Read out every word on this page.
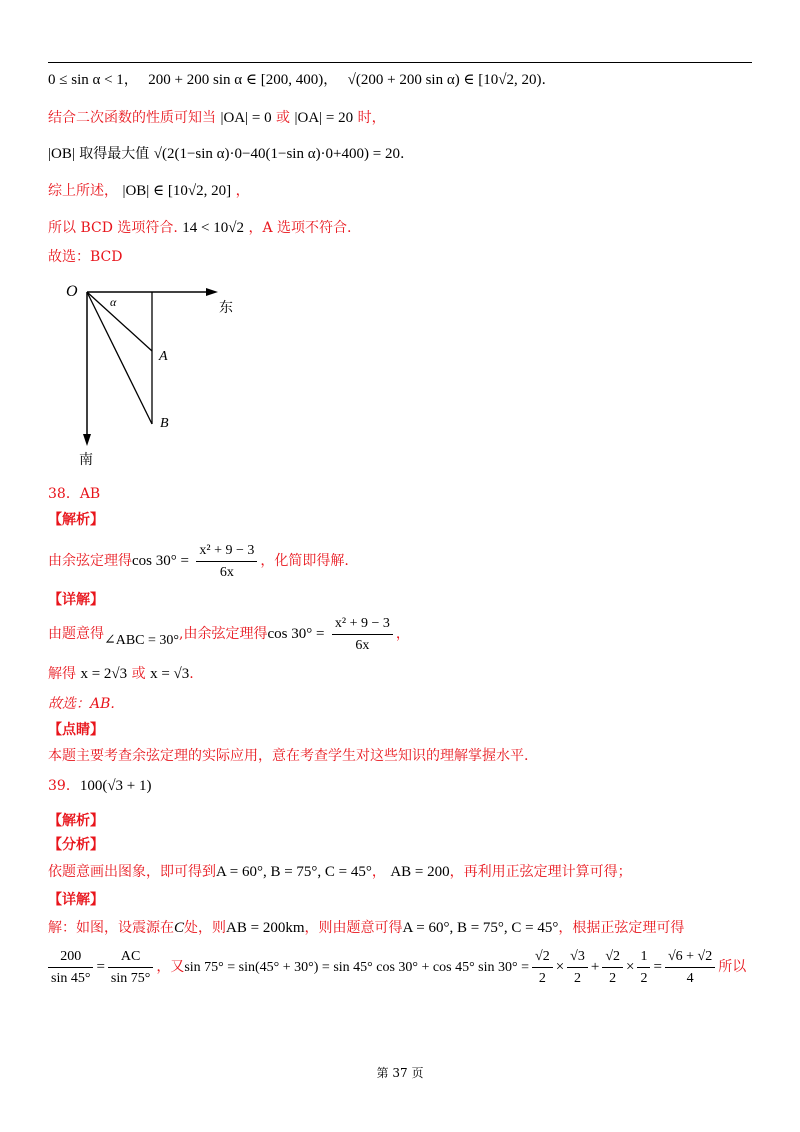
0 ≤ sin α < 1， 200 + 200 sin α ∈ [200, 400)， √(200 + 200 sin α) ∈ [10√2, 20).
结合二次函数的性质可知当 |OA| = 0 或 |OA| = 20 时，
|OB| 取得最大值 √(2(1−sin α)·0−40(1−sin α)·0+400) = 20.
综上所述， |OB| ∈ [10√2, 20] ，
所以 BCD 选项符合. 14 < 10√2 ，A 选项不符合.
故选：BCD
O
α	东
南
A
B
38．AB
【解析】
由余弦定理得$\cos 30^\circ = \frac{\text{x² + 9 − 3}}{6x}$ ，化简即得解.
【详解】
由题意得∠ABC = 30°,由余弦定理得$\cos 30^\circ = \frac{\text{x² + 9 − 3}}{6x}$ ，
解得 x = 2√3 或 x = √3.
故选：AB.
【点睛】
本题主要考查余弦定理的实际应用，意在考查学生对这些知识的理解掌握水平.
39．100(√3 + 1)
【解析】
【分析】
依题意画出图象，即可得到A = 60°, B = 75°, C = 45°， AB = 200，再利用正弦定理计算可得；
【详解】
解：如图，设震源在C处，则AB = 200km，则由题意可得A = 60°, B = 75°, C = 45°，根据正弦定理可得
$\frac{200}{\sin 45^\circ} = \frac{AC}{\sin 75^\circ}$ ，又sin 75° = sin(45° + 30°) = sin 45° cos 30° + cos 45° $\sin 30^\circ = \frac{√2}{2} \times \frac{√3}{2} + \frac{√2}{2} \times \frac{1}{2} = \frac{√6 + √2}{4}$ 所以
第 37 页
